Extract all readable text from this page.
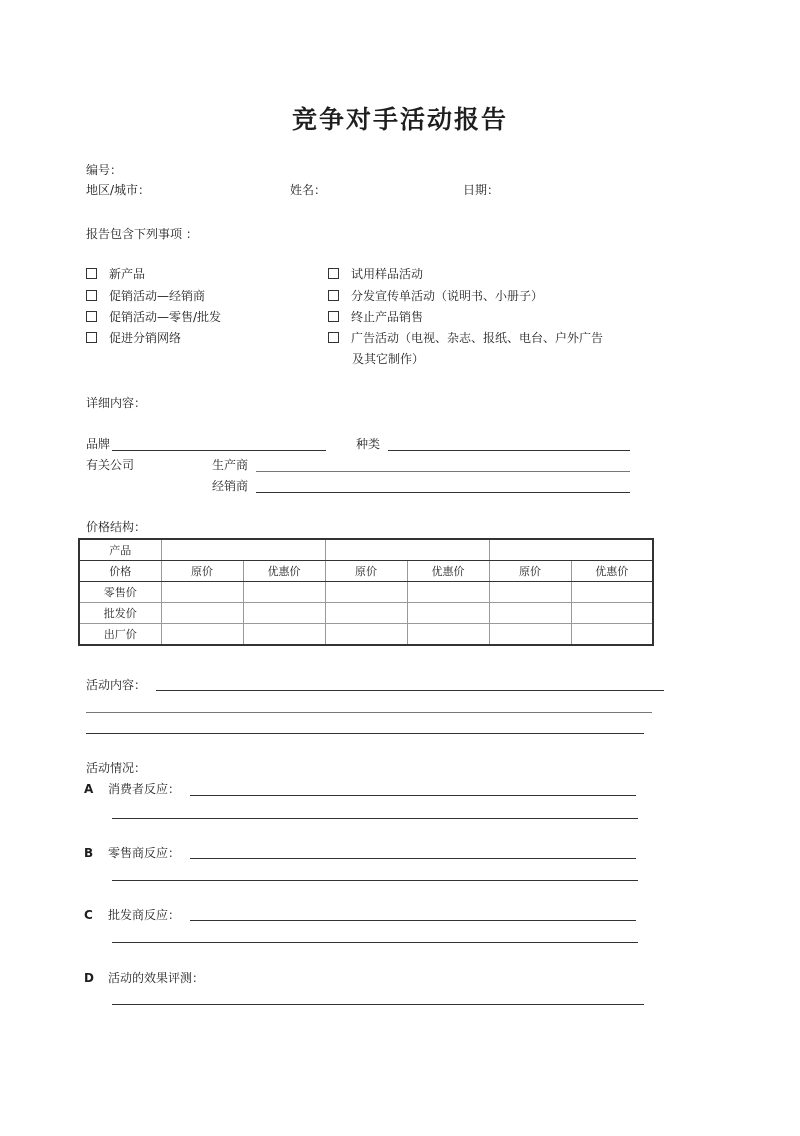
竞争对手活动报告
编号：
地区/城市：	姓名：	日期：
报告包含下列事项 ：
新产品
促销活动—经销商
促销活动—零售/批发
促进分销网络
试用样品活动
分发宣传单活动（说明书、小册子）
终止产品销售
广告活动（电视、杂志、报纸、电台、户外广告
及其它制作）
详细内容：
品牌	种类
有关公司	生产商
经销商
价格结构：
产品						
价格	原价	优惠价	原价	优惠价	原价	优惠价
零售价						
批发价						
出厂价						
活动内容：
活动情况：
A 消费者反应：
B 零售商反应：
C 批发商反应：
D 活动的效果评测：
